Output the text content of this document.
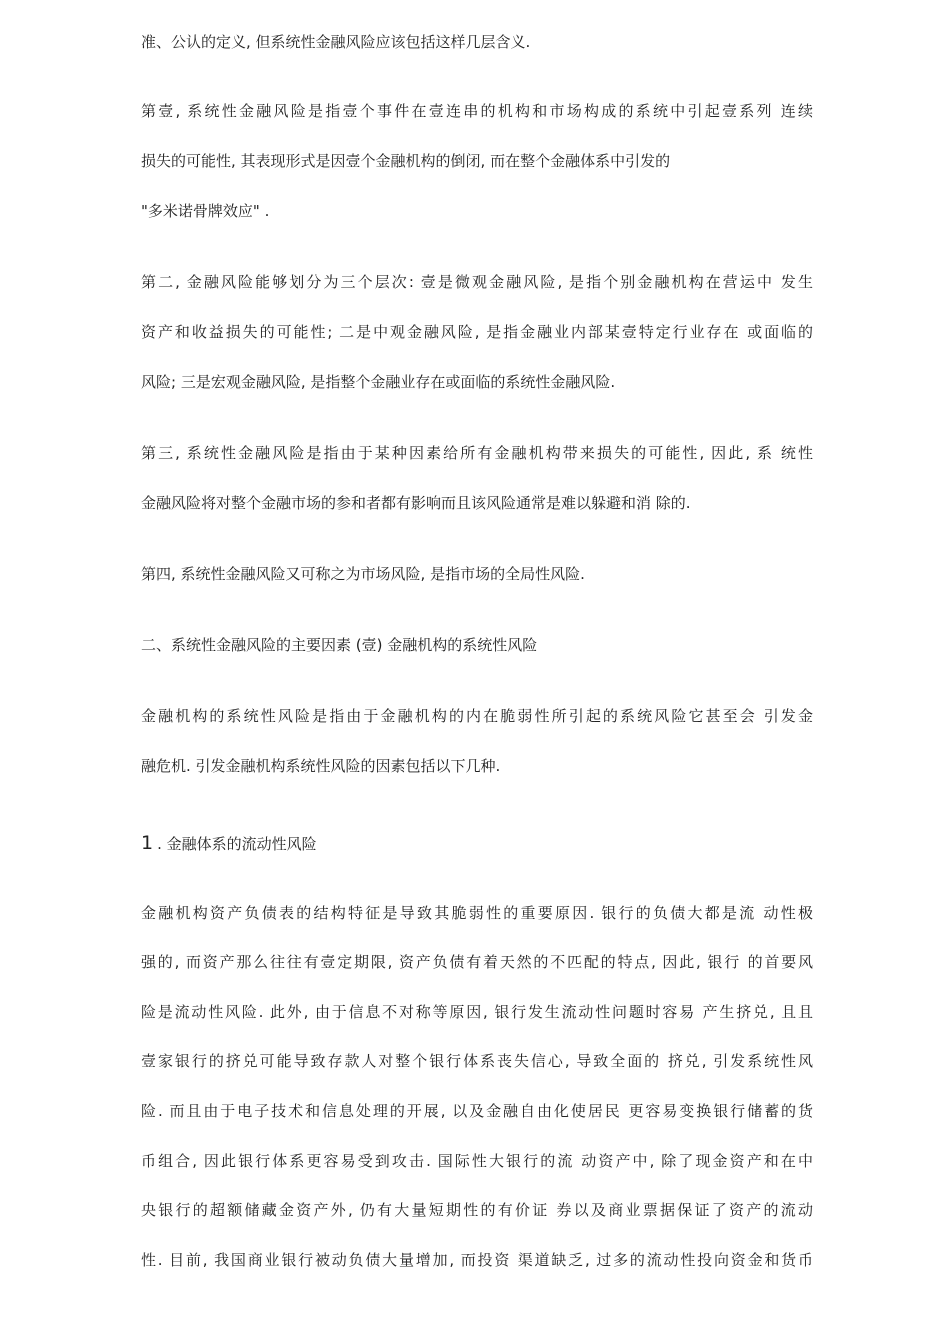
准、公认的定义, 但系统性金融风险应该包括这样几层含义.
第壹, 系统性金融风险是指壹个事件在壹连串的机构和市场构成的系统中引起壹系列 连续
损失的可能性, 其表现形式是因壹个金融机构的倒闭, 而在整个金融体系中引发的
"多米诺骨牌效应" .
第二, 金融风险能够划分为三个层次: 壹是微观金融风险, 是指个别金融机构在营运中 发生
资产和收益损失的可能性; 二是中观金融风险, 是指金融业内部某壹特定行业存在 或面临的
风险; 三是宏观金融风险, 是指整个金融业存在或面临的系统性金融风险.
第三, 系统性金融风险是指由于某种因素给所有金融机构带来损失的可能性, 因此, 系 统性
金融风险将对整个金融市场的参和者都有影响而且该风险通常是难以躲避和消 除的.
第四, 系统性金融风险又可称之为市场风险, 是指市场的全局性风险.
二、系统性金融风险的主要因素 (壹) 金融机构的系统性风险
金融机构的系统性风险是指由于金融机构的内在脆弱性所引起的系统风险它甚至会 引发金
融危机. 引发金融机构系统性风险的因素包括以下几种.
1 . 金融体系的流动性风险
金融机构资产负债表的结构特征是导致其脆弱性的重要原因. 银行的负债大都是流 动性极
强的, 而资产那么往往有壹定期限, 资产负债有着天然的不匹配的特点, 因此, 银行 的首要风
险是流动性风险. 此外, 由于信息不对称等原因, 银行发生流动性问题时容易 产生挤兑, 且且
壹家银行的挤兑可能导致存款人对整个银行体系丧失信心, 导致全面的 挤兑, 引发系统性风
险. 而且由于电子技术和信息处理的开展, 以及金融自由化使居民 更容易变换银行储蓄的货
币组合, 因此银行体系更容易受到攻击. 国际性大银行的流 动资产中, 除了现金资产和在中
央银行的超额储藏金资产外, 仍有大量短期性的有价证 券以及商业票据保证了资产的流动
性. 目前, 我国商业银行被动负债大量增加, 而投资 渠道缺乏, 过多的流动性投向资金和货币
